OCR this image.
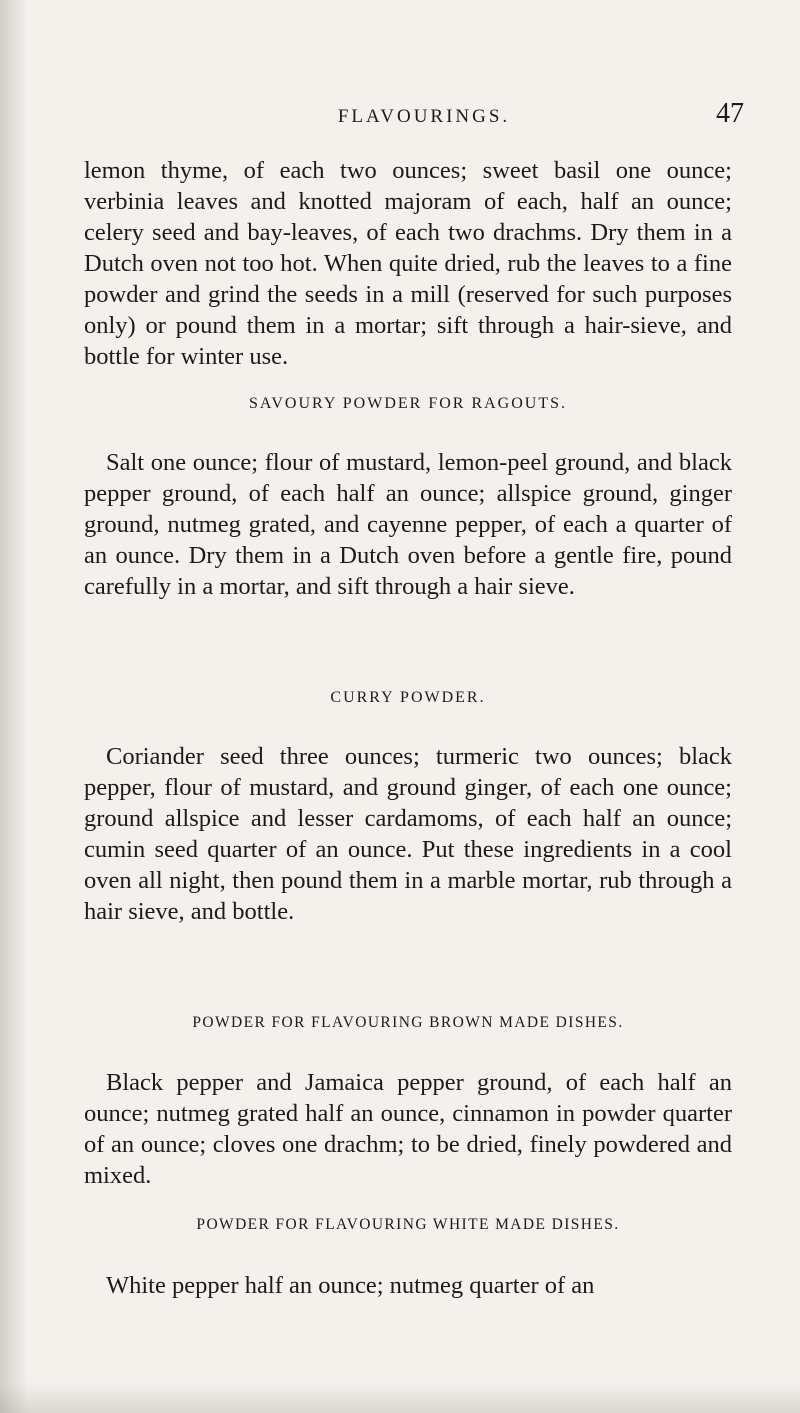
FLAVOURINGS.	47

lemon thyme, of each two ounces; sweet basil one ounce; verbinia leaves and knotted majoram of each, half an ounce; celery seed and bay-leaves, of each two drachms. Dry them in a Dutch oven not too hot. When quite dried, rub the leaves to a fine powder and grind the seeds in a mill (reserved for such purposes only) or pound them in a mortar; sift through a hair-sieve, and bottle for winter use.

SAVOURY POWDER FOR RAGOUTS.

Salt one ounce; flour of mustard, lemon-peel ground, and black pepper ground, of each half an ounce; allspice ground, ginger ground, nutmeg grated, and cayenne pepper, of each a quarter of an ounce. Dry them in a Dutch oven before a gentle fire, pound carefully in a mortar, and sift through a hair sieve.

CURRY POWDER.

Coriander seed three ounces; turmeric two ounces; black pepper, flour of mustard, and ground ginger, of each one ounce; ground allspice and lesser cardamoms, of each half an ounce; cumin seed quarter of an ounce. Put these ingredients in a cool oven all night, then pound them in a marble mortar, rub through a hair sieve, and bottle.

POWDER FOR FLAVOURING BROWN MADE DISHES.

Black pepper and Jamaica pepper ground, of each half an ounce; nutmeg grated half an ounce, cinnamon in powder quarter of an ounce; cloves one drachm; to be dried, finely powdered and mixed.

POWDER FOR FLAVOURING WHITE MADE DISHES.

White pepper half an ounce; nutmeg quarter of an
